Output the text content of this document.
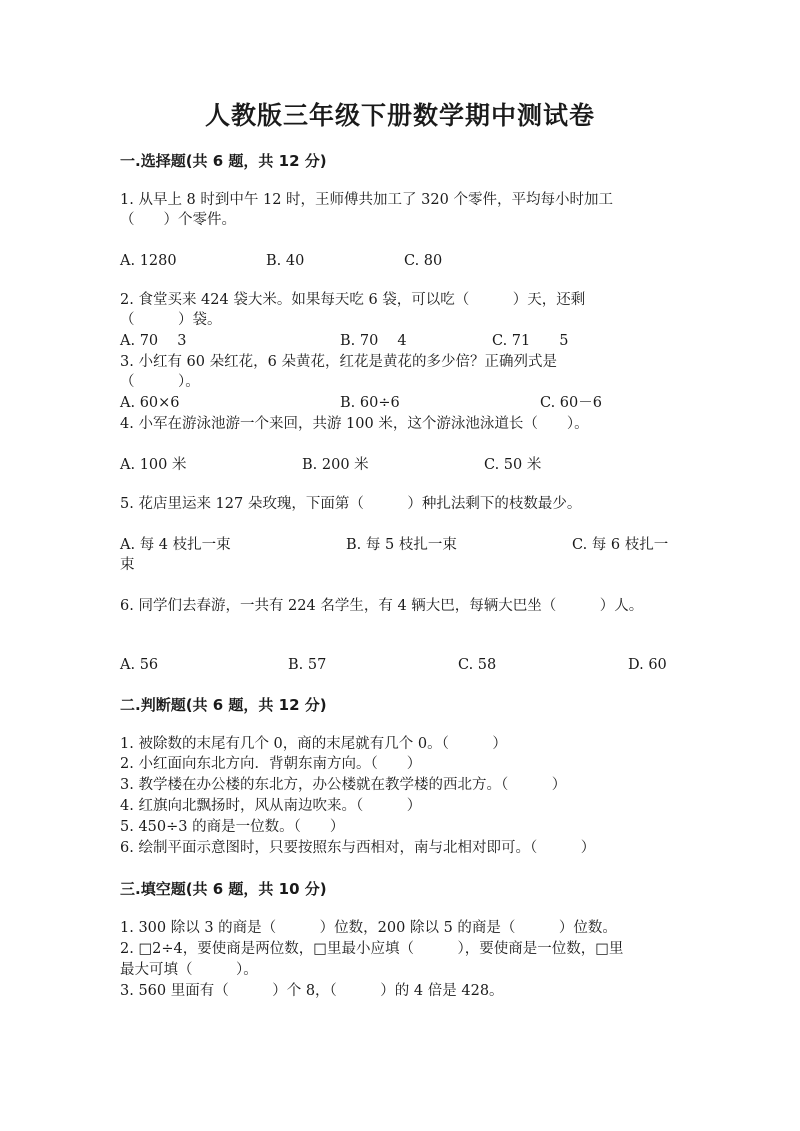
人教版三年级下册数学期中测试卷
一.选择题(共 6 题，共 12 分)
1. 从早上 8 时到中午 12 时，王师傅共加工了 320 个零件，平均每小时加工
（　　）个零件。
A. 1280	B. 40	C. 80
2. 食堂买来 424 袋大米。如果每天吃 6 袋，可以吃（　　　）天，还剩
（　　　）袋。
A. 70　 3	B. 70　 4	C. 71　　5
3. 小红有 60 朵红花，6 朵黄花，红花是黄花的多少倍？正确列式是
（　　　）。
A. 60×6	B. 60÷6	C. 60－6
4. 小军在游泳池游一个来回，共游 100 米，这个游泳池泳道长（　　）。
A. 100 米	B. 200 米	C. 50 米
5. 花店里运来 127 朵玫瑰，下面第（　　　）种扎法剩下的枝数最少。
A. 每 4 枝扎一束	B. 每 5 枝扎一束	C. 每 6 枝扎一
束
6. 同学们去春游，一共有 224 名学生，有 4 辆大巴，每辆大巴坐（　　　）人。
A. 56	B. 57	C. 58	D. 60
二.判断题(共 6 题，共 12 分)
1. 被除数的末尾有几个 0，商的末尾就有几个 0。（　　　）
2. 小红面向东北方向．背朝东南方向。（　　）
3. 教学楼在办公楼的东北方，办公楼就在教学楼的西北方。（　　　）
4. 红旗向北飘扬时，风从南边吹来。（　　　）
5. 450÷3 的商是一位数。（　　）
6. 绘制平面示意图时，只要按照东与西相对，南与北相对即可。（　　　）
三.填空题(共 6 题，共 10 分)
1. 300 除以 3 的商是（　　　）位数，200 除以 5 的商是（　　　）位数。
2. □2÷4，要使商是两位数，□里最小应填（　　　），要使商是一位数，□里
最大可填（　　　）。
3. 560 里面有（　　　）个 8，（　　　）的 4 倍是 428。
